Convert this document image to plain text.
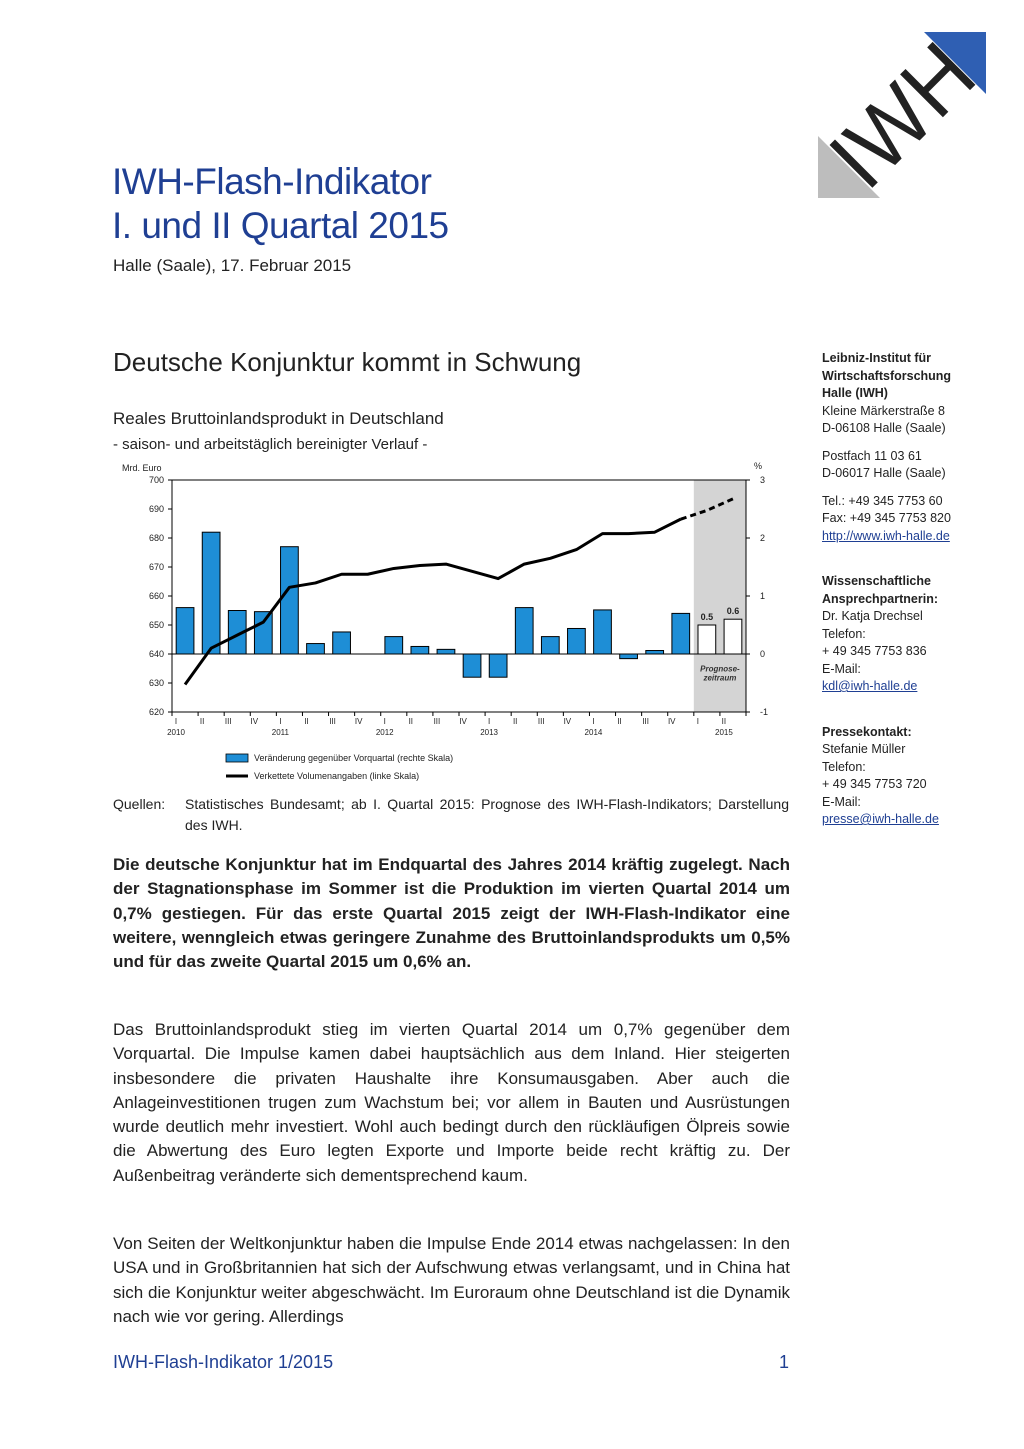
IWH
IWH-Flash-Indikator
I. und II Quartal 2015
Halle (Saale), 17. Februar 2015
Deutsche Konjunktur kommt in Schwung
Reales Bruttoinlandsprodukt in Deutschland
- saison- und arbeitstäglich bereinigter Verlauf -
Prognose-
zeitraum
620
630
640
650
660
670
680
690
700
Mrd. Euro
-1
0
1
2
3
%
0.5
0.6
I	II	III IV	I	II	III IV	I	II	III IV	I	II	III IV	I	II	III IV	I	II
2010	2011	2012	2013	2014	2015
Veränderung gegenüber Vorquartal (rechte Skala)
Verkettete Volumenangaben (linke Skala)
Quellen: Statistisches Bundesamt; ab I. Quartal 2015: Prognose des IWH-Flash-Indikators; Darstellung des IWH.
Die deutsche Konjunktur hat im Endquartal des Jahres 2014 kräftig zugelegt. Nach der Stagnationsphase im Sommer ist die Produktion im vierten Quartal 2014 um 0,7% gestiegen. Für das erste Quartal 2015 zeigt der IWH-Flash-Indikator eine weitere, wenngleich etwas geringere Zunahme des Bruttoinlandsprodukts um 0,5% und für das zweite Quartal 2015 um 0,6% an.
Das Bruttoinlandsprodukt stieg im vierten Quartal 2014 um 0,7% gegenüber dem Vorquartal. Die Impulse kamen dabei hauptsächlich aus dem Inland. Hier steigerten insbesondere die privaten Haushalte ihre Konsumausgaben. Aber auch die Anlageinvestitionen trugen zum Wachstum bei; vor allem in Bauten und Ausrüstungen wurde deutlich mehr investiert. Wohl auch bedingt durch den rückläufigen Ölpreis sowie die Abwertung des Euro legten Exporte und Importe beide recht kräftig zu. Der Außenbeitrag veränderte sich dementsprechend kaum.
Von Seiten der Weltkonjunktur haben die Impulse Ende 2014 etwas nachgelassen: In den USA und in Großbritannien hat sich der Aufschwung etwas verlangsamt, und in China hat sich die Konjunktur weiter abgeschwächt. Im Euroraum ohne Deutschland ist die Dynamik nach wie vor gering. Allerdings
IWH-Flash-Indikator 1/2015	1
Leibniz-Institut für
Wirtschaftsforschung
Halle (IWH)
Kleine Märkerstraße 8
D-06108 Halle (Saale)
Postfach 11 03 61
D-06017 Halle (Saale)
Tel.: +49 345 7753 60
Fax: +49 345 7753 820
http://www.iwh-halle.de
Wissenschaftliche
Ansprechpartnerin:
Dr. Katja Drechsel
Telefon:
+ 49 345 7753 836
E-Mail:
kdl@iwh-halle.de
Pressekontakt:
Stefanie Müller
Telefon:
+ 49 345 7753 720
E-Mail:
presse@iwh-halle.de
